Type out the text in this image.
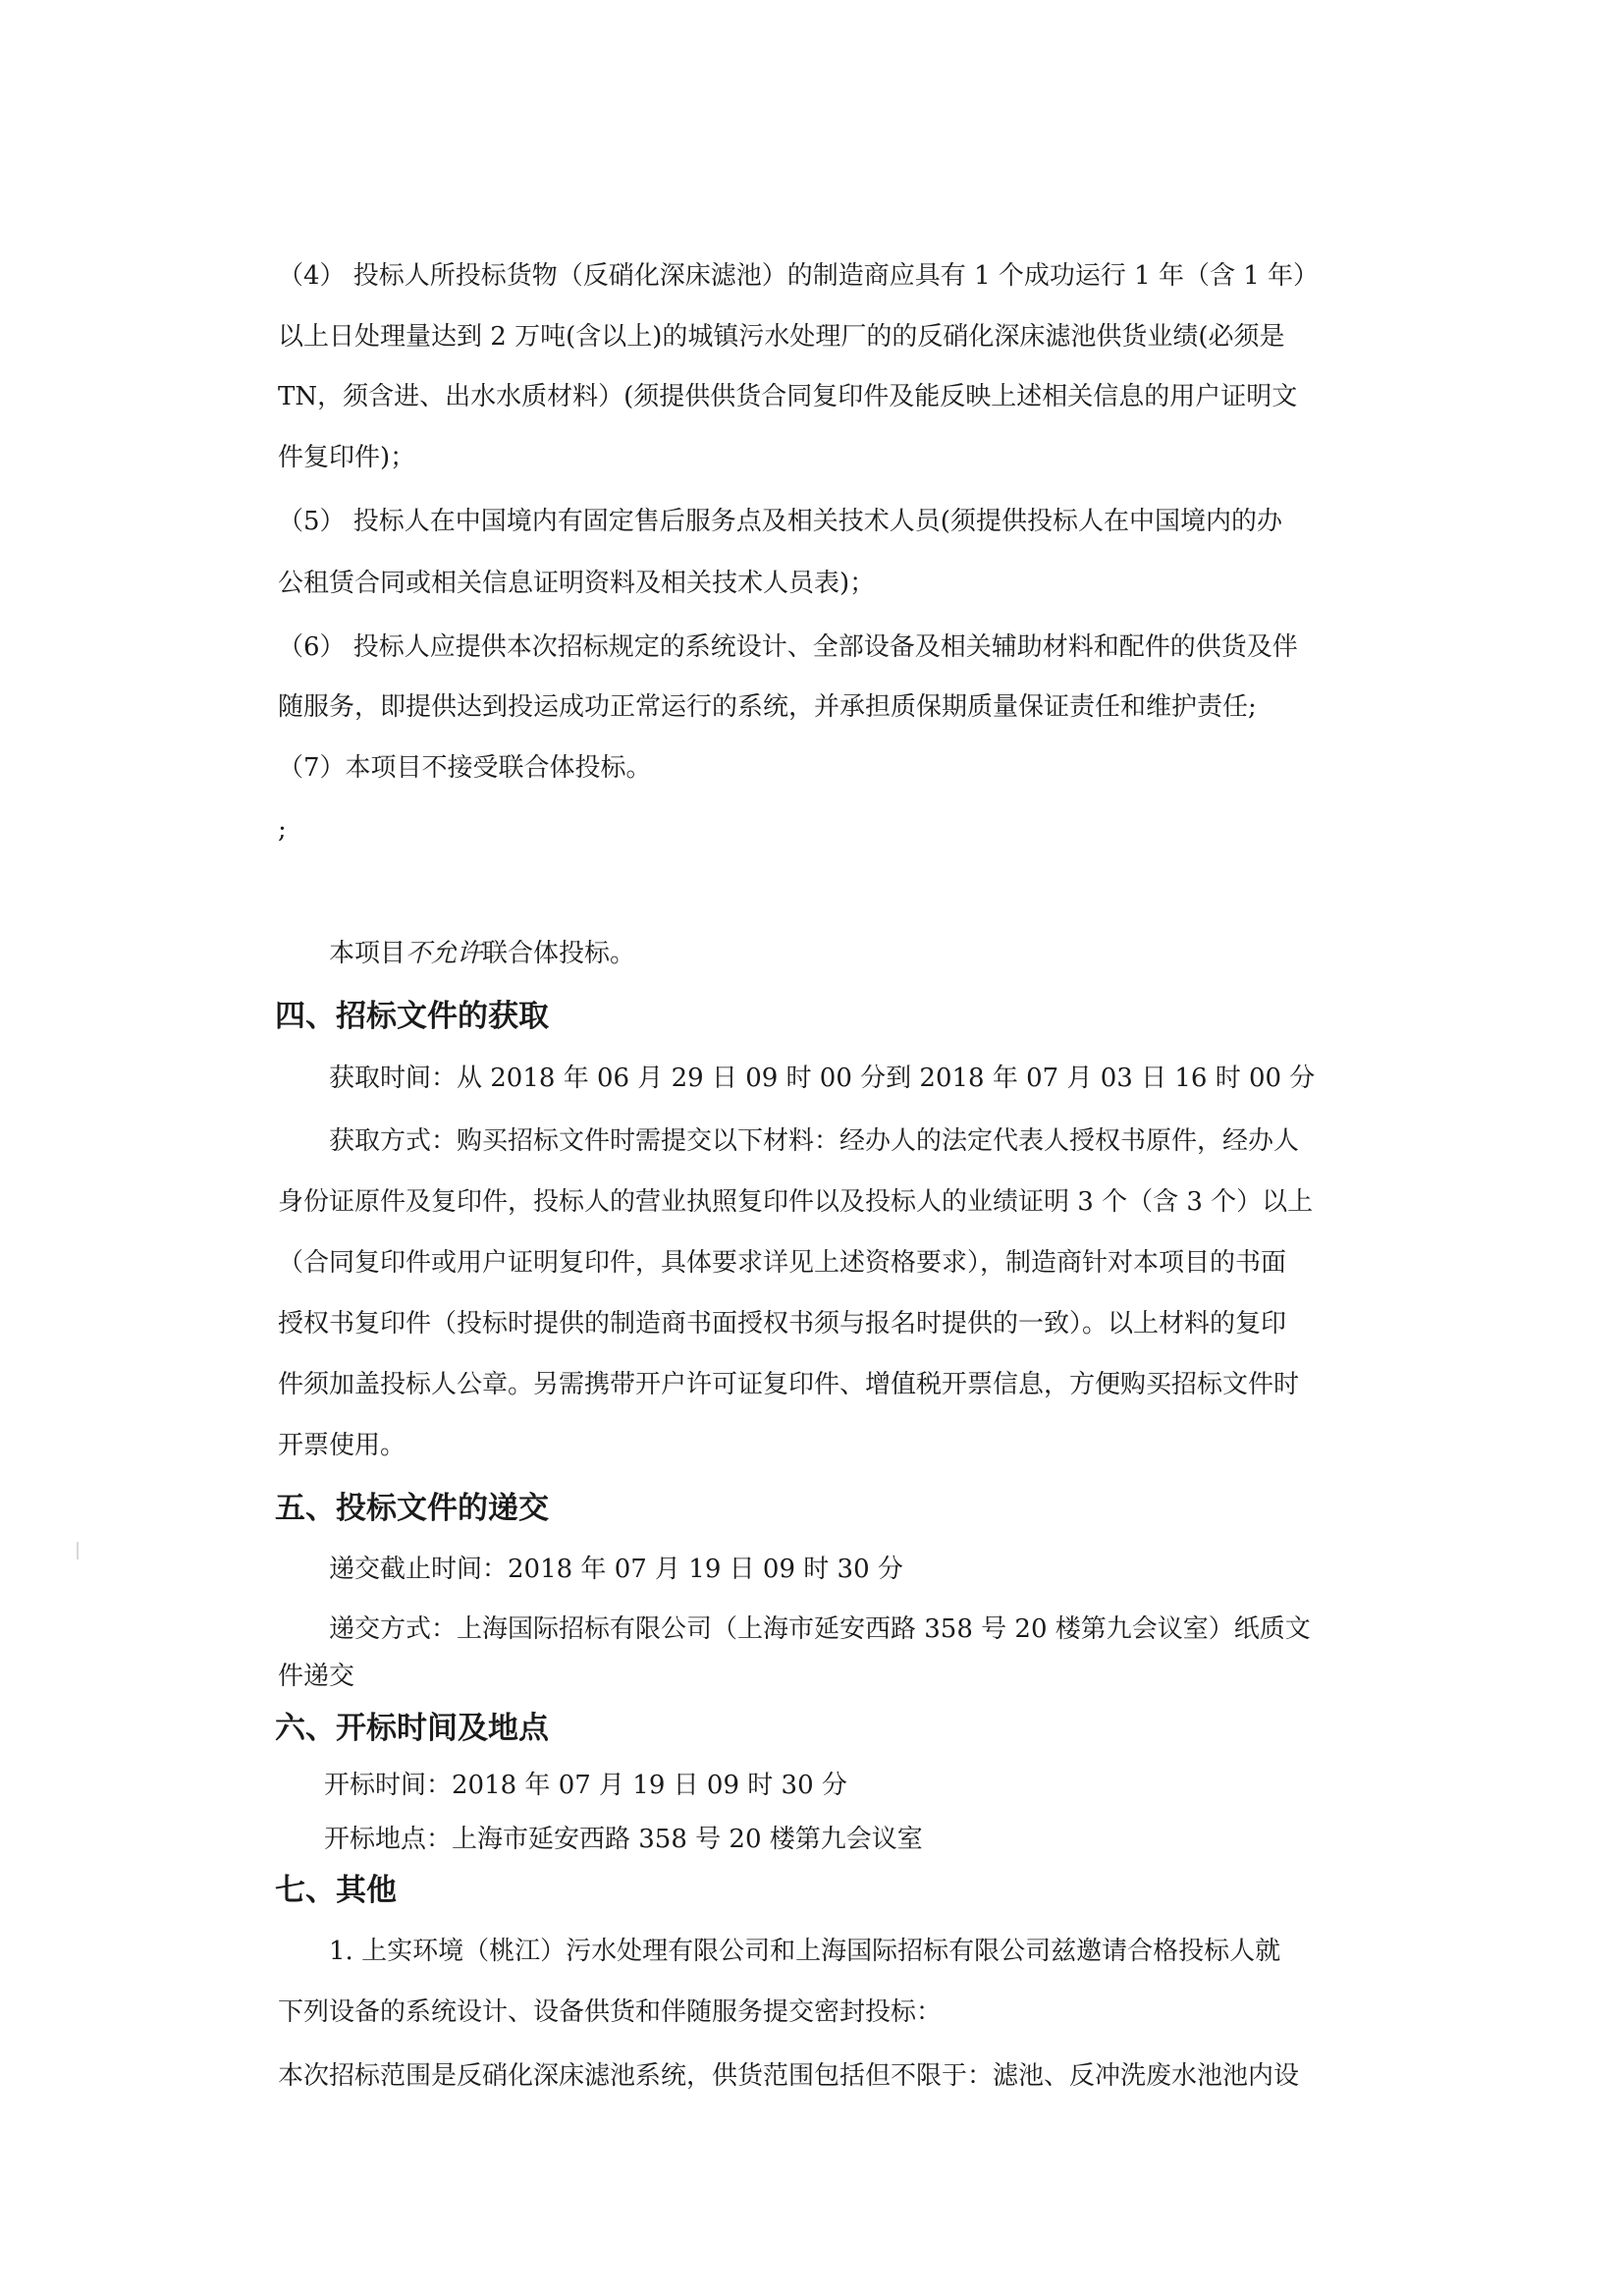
（4） 投标人所投标货物（反硝化深床滤池）的制造商应具有 1 个成功运行 1 年（含 1 年）

以上日处理量达到 2 万吨(含以上)的城镇污水处理厂的的反硝化深床滤池供货业绩(必须是

TN，须含进、出水水质材料）(须提供供货合同复印件及能反映上述相关信息的用户证明文

件复印件)；

（5） 投标人在中国境内有固定售后服务点及相关技术人员(须提供投标人在中国境内的办

公租赁合同或相关信息证明资料及相关技术人员表)；

（6） 投标人应提供本次招标规定的系统设计、全部设备及相关辅助材料和配件的供货及伴

随服务，即提供达到投运成功正常运行的系统，并承担质保期质量保证责任和维护责任;

（7）本项目不接受联合体投标。

;

本项目不允许联合体投标。

四、招标文件的获取

获取时间：从 2018 年 06 月 29 日 09 时 00 分到 2018 年 07 月 03 日 16 时 00 分

获取方式：购买招标文件时需提交以下材料：经办人的法定代表人授权书原件，经办人

身份证原件及复印件，投标人的营业执照复印件以及投标人的业绩证明 3 个（含 3 个）以上

（合同复印件或用户证明复印件，具体要求详见上述资格要求），制造商针对本项目的书面

授权书复印件（投标时提供的制造商书面授权书须与报名时提供的一致）。以上材料的复印

件须加盖投标人公章。另需携带开户许可证复印件、增值税开票信息，方便购买招标文件时

开票使用。

五、投标文件的递交

递交截止时间：2018 年 07 月 19 日 09 时 30 分

递交方式：上海国际招标有限公司（上海市延安西路 358 号 20 楼第九会议室）纸质文

件递交

六、开标时间及地点

开标时间：2018 年 07 月 19 日 09 时 30 分

开标地点：上海市延安西路 358 号 20 楼第九会议室

七、其他

1. 上实环境（桃江）污水处理有限公司和上海国际招标有限公司兹邀请合格投标人就

下列设备的系统设计、设备供货和伴随服务提交密封投标：

本次招标范围是反硝化深床滤池系统，供货范围包括但不限于：滤池、反冲洗废水池池内设
